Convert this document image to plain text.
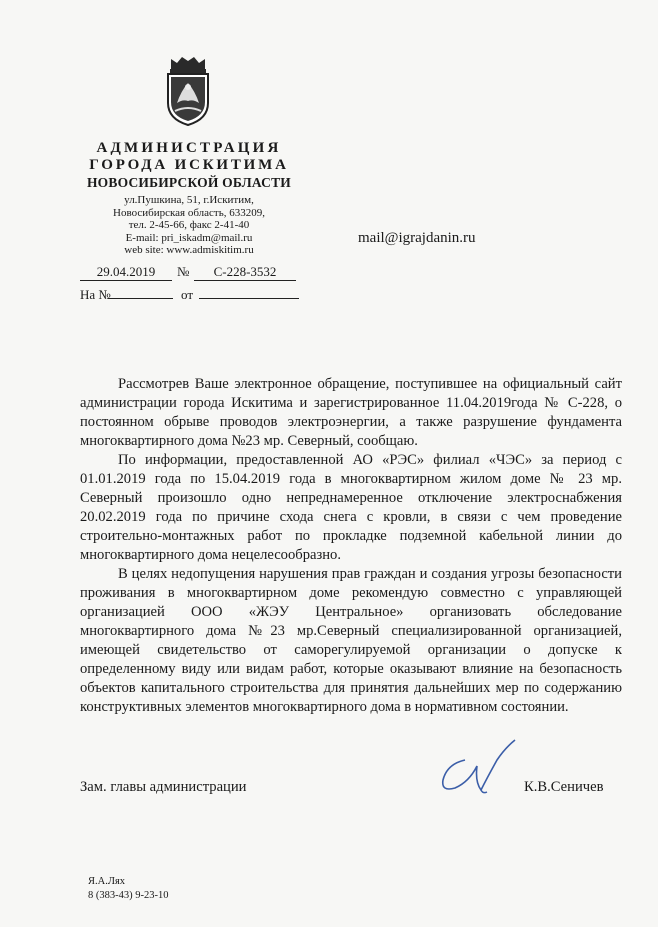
АДМИНИСТРАЦИЯ
ГОРОДА ИСКИТИМА
НОВОСИБИРСКОЙ ОБЛАСТИ
ул.Пушкина, 51, г.Искитим,
Новосибирская область, 633209,
тел. 2-45-66, факс 2-41-40
E-mail: pri_iskadm@mail.ru
web site: www.admiskitim.ru
mail@igrajdanin.ru
29.04.2019	№	С-228-3532
На №	от

Рассмотрев Ваше электронное обращение, поступившее на официальный сайт администрации города Искитима и зарегистрированное 11.04.2019года № С-228, о постоянном обрыве проводов электроэнергии, а также разрушение фундамента многоквартирного дома №23 мр. Северный, сообщаю.

По информации, предоставленной АО «РЭС» филиал «ЧЭС» за период с 01.01.2019 года по 15.04.2019 года в многоквартирном жилом доме № 23 мр. Северный произошло одно непреднамеренное отключение электроснабжения 20.02.2019 года по причине схода снега с кровли, в связи с чем проведение строительно-монтажных работ по прокладке подземной кабельной линии до многоквартирного дома нецелесообразно.

В целях недопущения нарушения прав граждан и создания угрозы безопасности проживания в многоквартирном доме рекомендую совместно с управляющей организацией ООО «ЖЭУ Центральное» организовать обследование многоквартирного дома №23 мр.Северный специализированной организацией, имеющей свидетельство от саморегулируемой организации о допуске к определенному виду или видам работ, которые оказывают влияние на безопасность объектов капитального строительства для принятия дальнейших мер по содержанию конструктивных элементов многоквартирного дома в нормативном состоянии.

Зам. главы администрации	К.В.Сеничев
Я.А.Лях
8 (383-43) 9-23-10
